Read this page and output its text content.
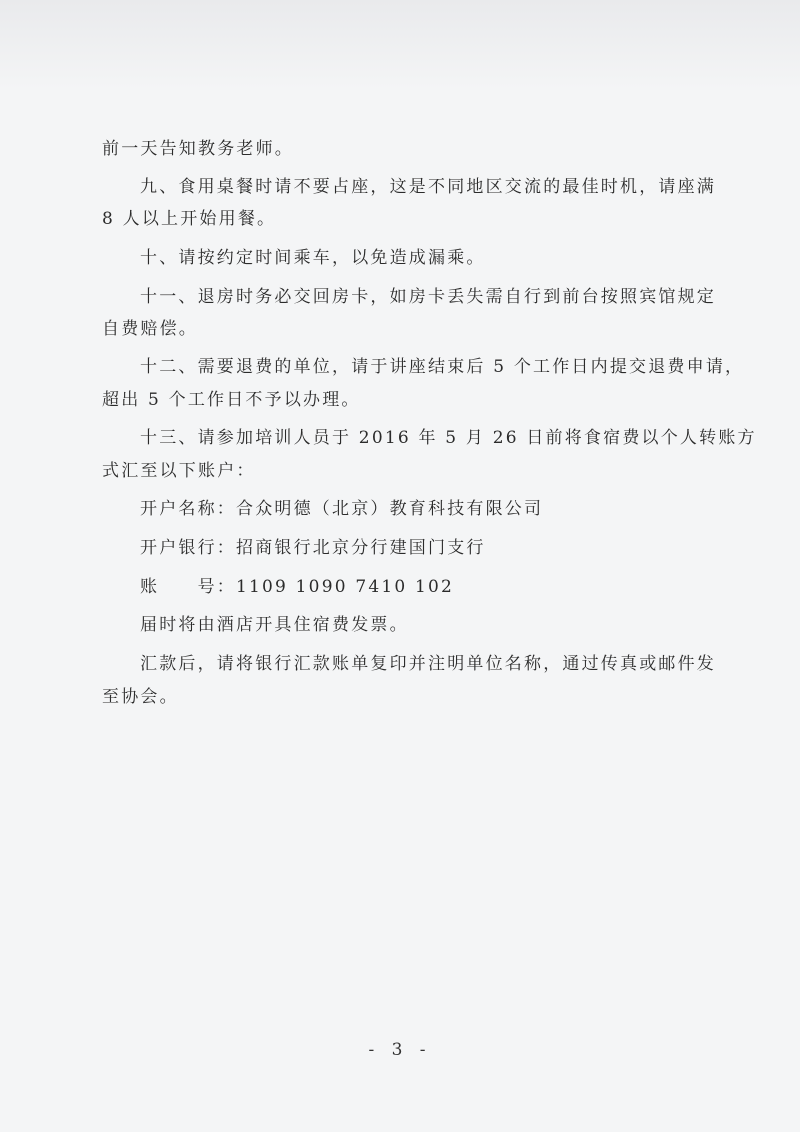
前一天告知教务老师。
九、食用桌餐时请不要占座，这是不同地区交流的最佳时机，请座满
8 人以上开始用餐。
十、请按约定时间乘车，以免造成漏乘。
十一、退房时务必交回房卡，如房卡丢失需自行到前台按照宾馆规定
自费赔偿。
十二、需要退费的单位，请于讲座结束后 5 个工作日内提交退费申请，
超出 5 个工作日不予以办理。
十三、请参加培训人员于 2016 年 5 月 26 日前将食宿费以个人转账方
式汇至以下账户：
开户名称：合众明德（北京）教育科技有限公司
开户银行：招商银行北京分行建国门支行
账　　号：1109 1090 7410 102
届时将由酒店开具住宿费发票。
汇款后，请将银行汇款账单复印并注明单位名称，通过传真或邮件发
至协会。
- 3 -
